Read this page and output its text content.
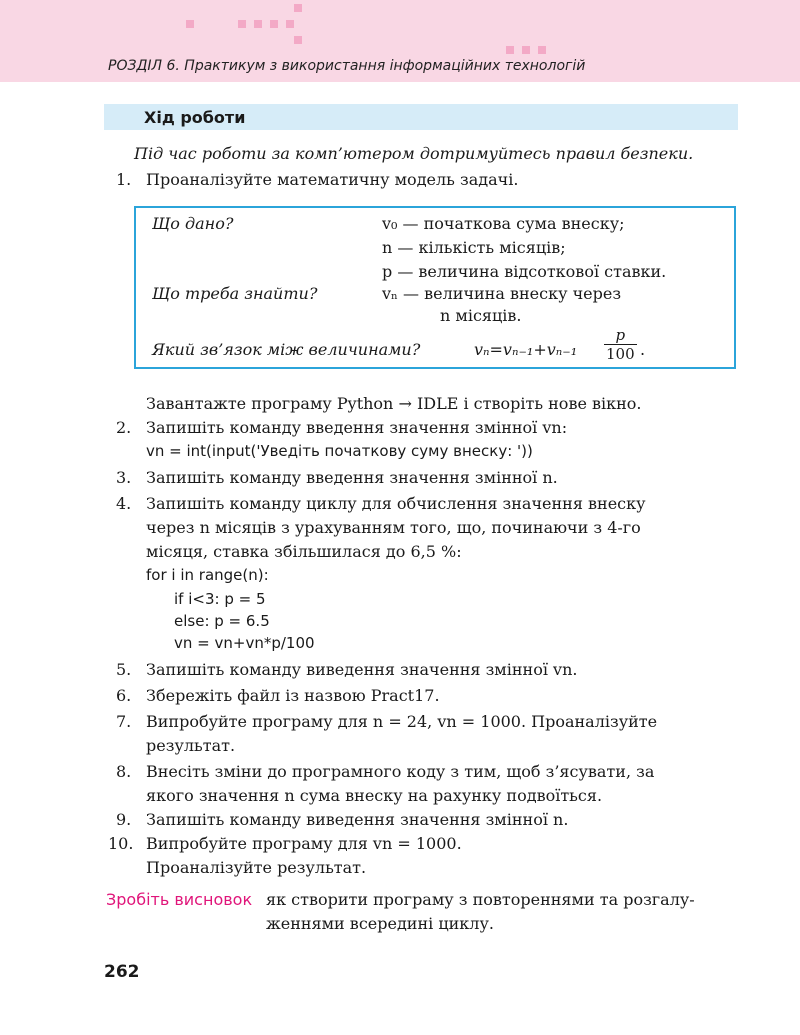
РОЗДІЛ 6. Практикум з використання інформаційних технологій
Хід роботи
Під час роботи за комп’ютером дотримуйтесь правил безпеки.
1. Проаналізуйте математичну модель задачі.
Що дано?	v₀ — початкова сума внеску;
n — кількість місяців;
p — величина відсоткової ставки.
Що треба знайти?	vₙ — величина внеску через
n місяців.
Який зв’язок між величинами?	$v_n=v_{n-1}+v_{n-1} \frac{p}{100}$ .
Завантажте програму Python → IDLE і створіть нове вікно.
2. Запишіть команду введення значення змінної vn:
vn = int(input('Уведіть початкову суму внеску: '))
3. Запишіть команду введення значення змінної n.
4. Запишіть команду циклу для обчислення значення внеску
через n місяців з урахуванням того, що, починаючи з 4-го
місяця, ставка збільшилася до 6,5 %:
for i in range(n):
if i<3: p = 5
else: p = 6.5
vn = vn+vn*p/100
5. Запишіть команду виведення значення змінної vn.
6. Збережіть файл із назвою Pract17.
7. Випробуйте програму для n = 24, vn = 1000. Проаналізуйте
результат.
8. Внесіть зміни до програмного коду з тим, щоб з’ясувати, за
якого значення n сума внеску на рахунку подвоїться.
9. Запишіть команду виведення значення змінної n.
10. Випробуйте програму для vn = 1000.
Проаналізуйте результат.
Зробіть висновок як створити програму з повтореннями та розгалу-
женнями всередині циклу.
262
